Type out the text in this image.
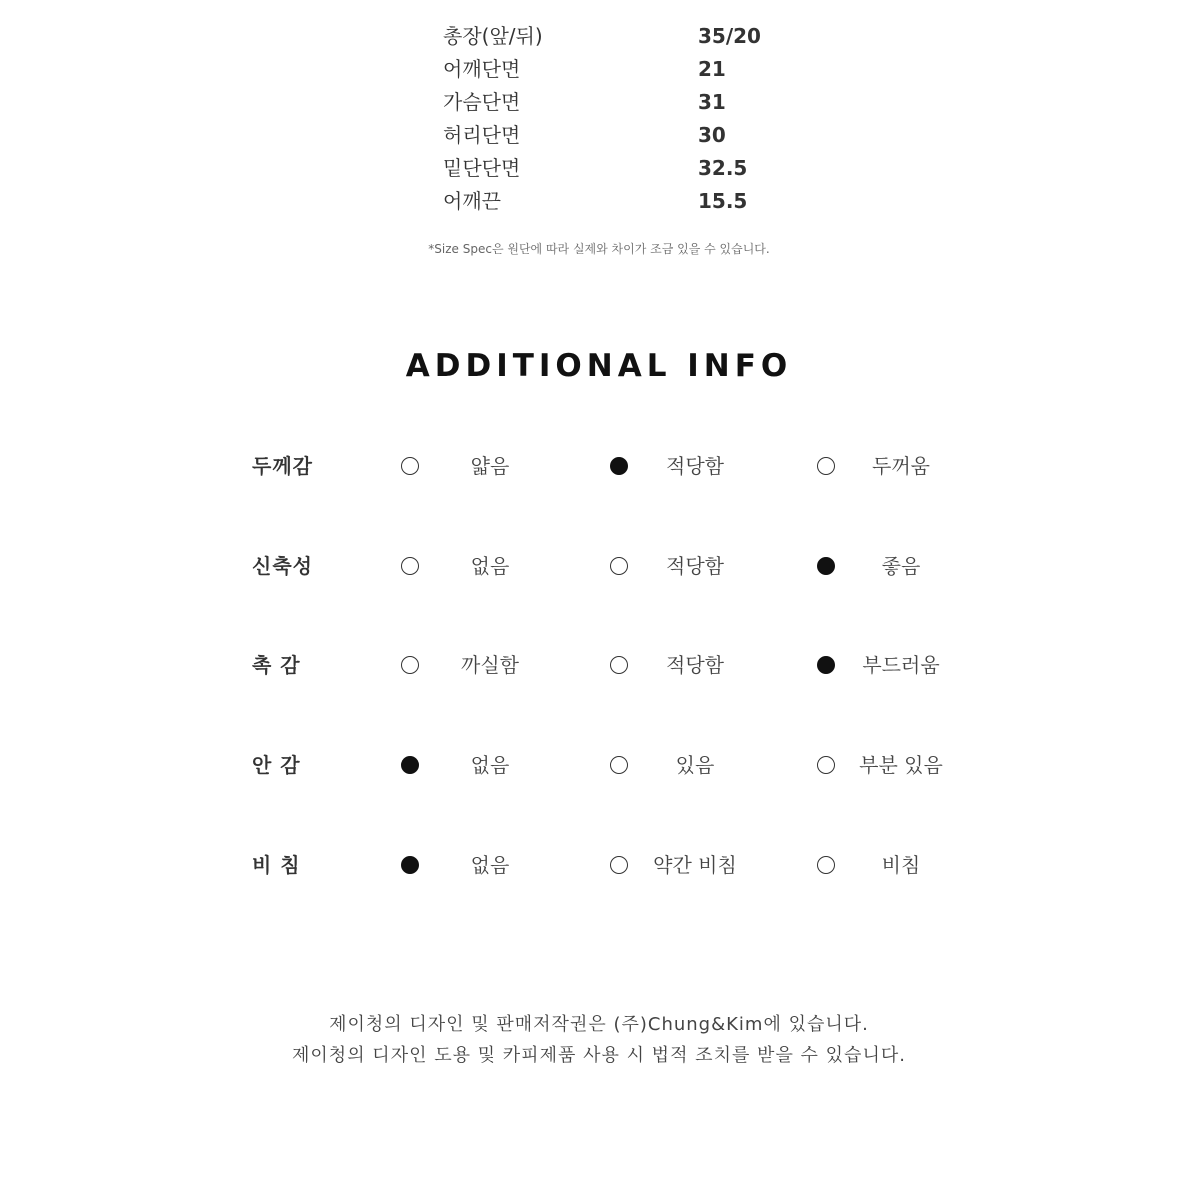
총장(앞/뒤)	35/20
어깨단면	21
가슴단면	31
허리단면	30
밑단단면	32.5
어깨끈	15.5
*Size Spec은 원단에 따라 실제와 차이가 조금 있을 수 있습니다.
ADDITIONAL INFO
두께감	얇음	적당함	두꺼움
신축성	없음	적당함	좋음
촉 감	까실함	적당함	부드러움
안 감	없음	있음	부분 있음
비 침	없음	약간 비침	비침
제이청의 디자인 및 판매저작권은 (주)Chung&Kim에 있습니다.
제이청의 디자인 도용 및 카피제품 사용 시 법적 조치를 받을 수 있습니다.
